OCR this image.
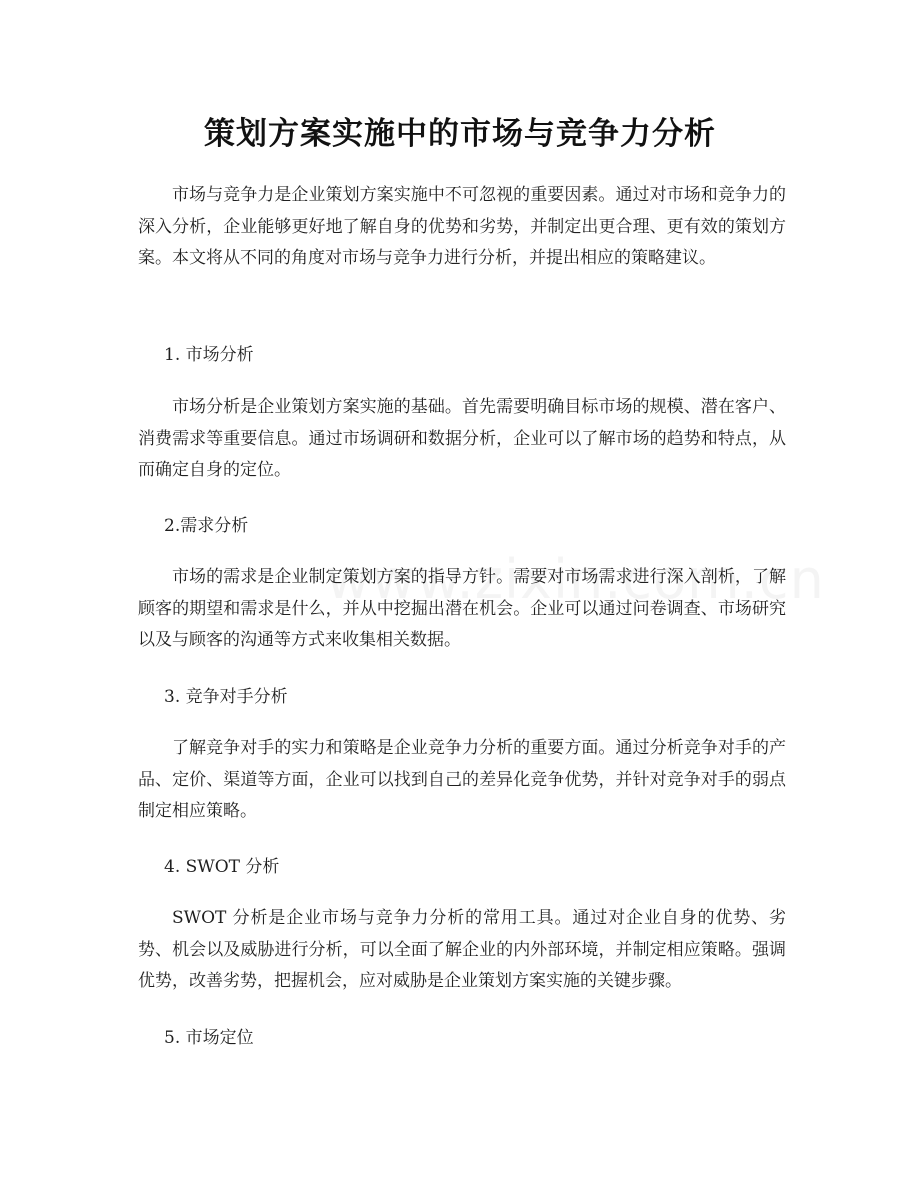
策划方案实施中的市场与竞争力分析

市场与竞争力是企业策划方案实施中不可忽视的重要因素。通过对市场和竞争力的深入分析，企业能够更好地了解自身的优势和劣势，并制定出更合理、更有效的策划方案。本文将从不同的角度对市场与竞争力进行分析，并提出相应的策略建议。

1. 市场分析

市场分析是企业策划方案实施的基础。首先需要明确目标市场的规模、潜在客户、消费需求等重要信息。通过市场调研和数据分析，企业可以了解市场的趋势和特点，从而确定自身的定位。

2.需求分析

市场的需求是企业制定策划方案的指导方针。需要对市场需求进行深入剖析，了解顾客的期望和需求是什么，并从中挖掘出潜在机会。企业可以通过问卷调查、市场研究以及与顾客的沟通等方式来收集相关数据。

3. 竞争对手分析

了解竞争对手的实力和策略是企业竞争力分析的重要方面。通过分析竞争对手的产品、定价、渠道等方面，企业可以找到自己的差异化竞争优势，并针对竞争对手的弱点制定相应策略。

4. SWOT 分析

SWOT 分析是企业市场与竞争力分析的常用工具。通过对企业自身的优势、劣势、机会以及威胁进行分析，可以全面了解企业的内外部环境，并制定相应策略。强调优势，改善劣势，把握机会，应对威胁是企业策划方案实施的关键步骤。

5. 市场定位
